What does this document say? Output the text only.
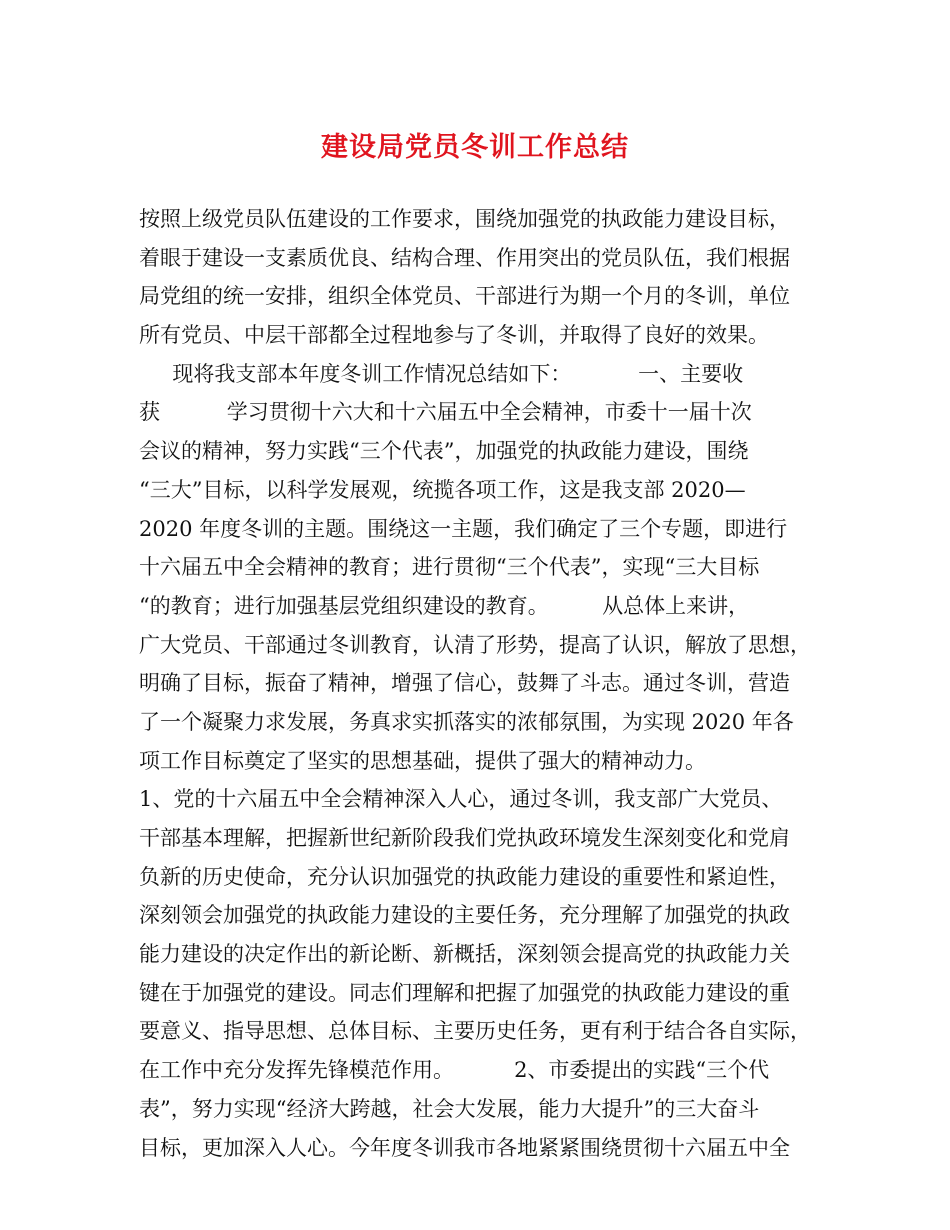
建设局党员冬训工作总结
按照上级党员队伍建设的工作要求，围绕加强党的执政能力建设目标，
着眼于建设一支素质优良、结构合理、作用突出的党员队伍，我们根据
局党组的统一安排，组织全体党员、干部进行为期一个月的冬训，单位
所有党员、中层干部都全过程地参与了冬训，并取得了良好的效果。
现将我支部本年度冬训工作情况总结如下：          一、主要收
获          学习贯彻十六大和十六届五中全会精神，市委十一届十次
会议的精神，努力实践“三个代表”，加强党的执政能力建设，围绕
“三大”目标，以科学发展观，统揽各项工作，这是我支部 2020—
2020 年度冬训的主题。围绕这一主题，我们确定了三个专题，即进行
十六届五中全会精神的教育；进行贯彻“三个代表”，实现“三大目标
“的教育；进行加强基层党组织建设的教育。        从总体上来讲，
广大党员、干部通过冬训教育，认清了形势，提高了认识，解放了思想，
明确了目标，振奋了精神，增强了信心，鼓舞了斗志。通过冬训，营造
了一个凝聚力求发展，务真求实抓落实的浓郁氛围，为实现 2020 年各
项工作目标奠定了坚实的思想基础，提供了强大的精神动力。
1、党的十六届五中全会精神深入人心，通过冬训，我支部广大党员、
干部基本理解，把握新世纪新阶段我们党执政环境发生深刻变化和党肩
负新的历史使命，充分认识加强党的执政能力建设的重要性和紧迫性，
深刻领会加强党的执政能力建设的主要任务，充分理解了加强党的执政
能力建设的决定作出的新论断、新概括，深刻领会提高党的执政能力关
键在于加强党的建设。同志们理解和把握了加强党的执政能力建设的重
要意义、指导思想、总体目标、主要历史任务，更有利于结合各自实际，
在工作中充分发挥先锋模范作用。         2、市委提出的实践“三个代
表”，努力实现“经济大跨越，社会大发展，能力大提升”的三大奋斗
目标，更加深入人心。今年度冬训我市各地紧紧围绕贯彻十六届五中全
